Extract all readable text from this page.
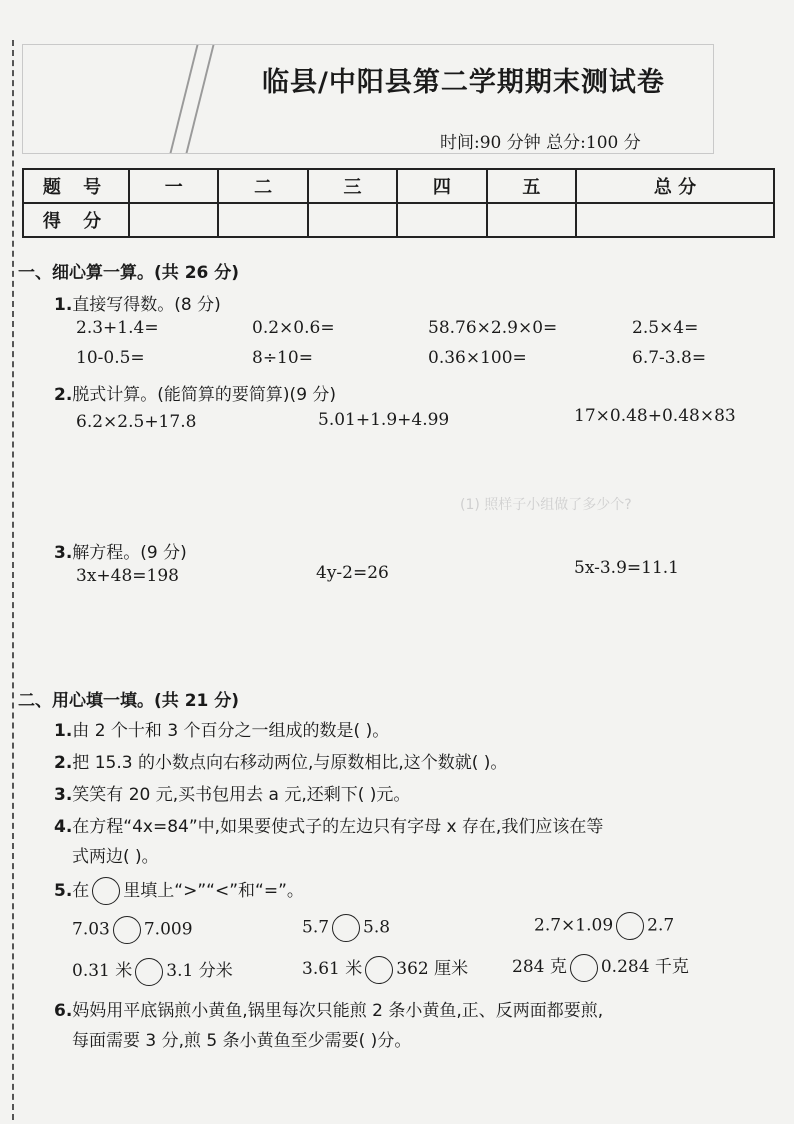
临县/中阳县第二学期期末测试卷
时间:90 分钟 总分:100 分
题 号	一	二	三	四	五	总 分
得 分						
一、细心算一算。(共 26 分)
1.直接写得数。(8 分)
2.3+1.4=	0.2×0.6=	58.76×2.9×0=	2.5×4=
10-0.5=	8÷10=	0.36×100=	6.7-3.8=
2.脱式计算。(能简算的要简算)(9 分)
6.2×2.5+17.8	5.01+1.9+4.99	17×0.48+0.48×83
(1) 照样子小组做了多少个?
3.解方程。(9 分)
3x+48=198	4y-2=26	5x-3.9=11.1
二、用心填一填。(共 21 分)
1.由 2 个十和 3 个百分之一组成的数是( )。
2.把 15.3 的小数点向右移动两位,与原数相比,这个数就( )。
3.笑笑有 20 元,买书包用去 a 元,还剩下( )元。
4.在方程“4x=84”中,如果要使式子的左边只有字母 x 存在,我们应该在等
式两边( )。
5.在 里填上“>”“<”和“=”。
7.03 7.009	5.7 5.8	2.7×1.09 2.7
0.31 米 3.1 分米	3.61 米 362 厘米	284 克 0.284 千克
6.妈妈用平底锅煎小黄鱼,锅里每次只能煎 2 条小黄鱼,正、反两面都要煎,
每面需要 3 分,煎 5 条小黄鱼至少需要( )分。
